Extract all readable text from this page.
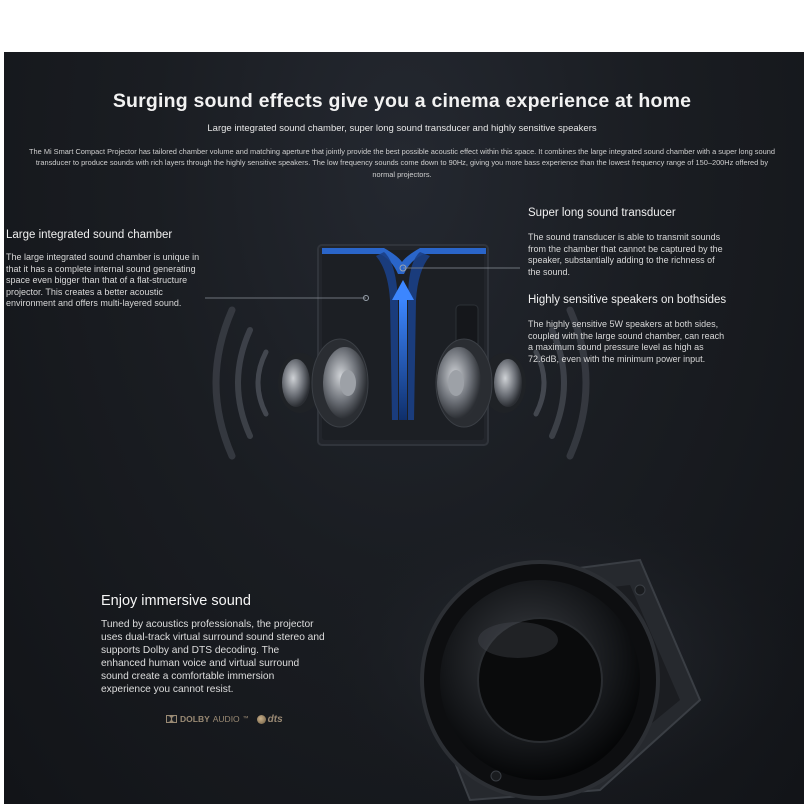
Surging sound effects give you a cinema experience at home
Large integrated sound chamber, super long sound transducer and highly sensitive speakers
The Mi Smart Compact Projector has tailored chamber volume and matching aperture that jointly provide the best possible acoustic effect within this space. It combines the large integrated sound chamber with a super long sound transducer to produce sounds with rich layers through the highly sensitive speakers. The low frequency sounds come down to 90Hz, giving you more bass experience than the lowest frequency range of 150–200Hz offered by normal projectors.
Large integrated sound chamber
The large integrated sound chamber is unique in that it has a complete internal sound generating space even bigger than that of a flat-structure projector. This creates a better acoustic environment and offers multi-layered sound.
Super long sound transducer
The sound transducer is able to transmit sounds from the chamber that cannot be captured by the speaker, substantially adding to the richness of the sound.
Highly sensitive speakers on bothsides
The highly sensitive 5W speakers at both sides, coupled with the large sound chamber, can reach a maximum sound pressure level as high as 72.6dB, even with the minimum power input.
Enjoy immersive sound
Tuned by acoustics professionals, the projector uses dual-track virtual surround sound stereo and supports Dolby and DTS decoding. The enhanced human voice and virtual surround sound create a comfortable immersion experience you cannot resist.
DOLBY AUDIO ™ dts
